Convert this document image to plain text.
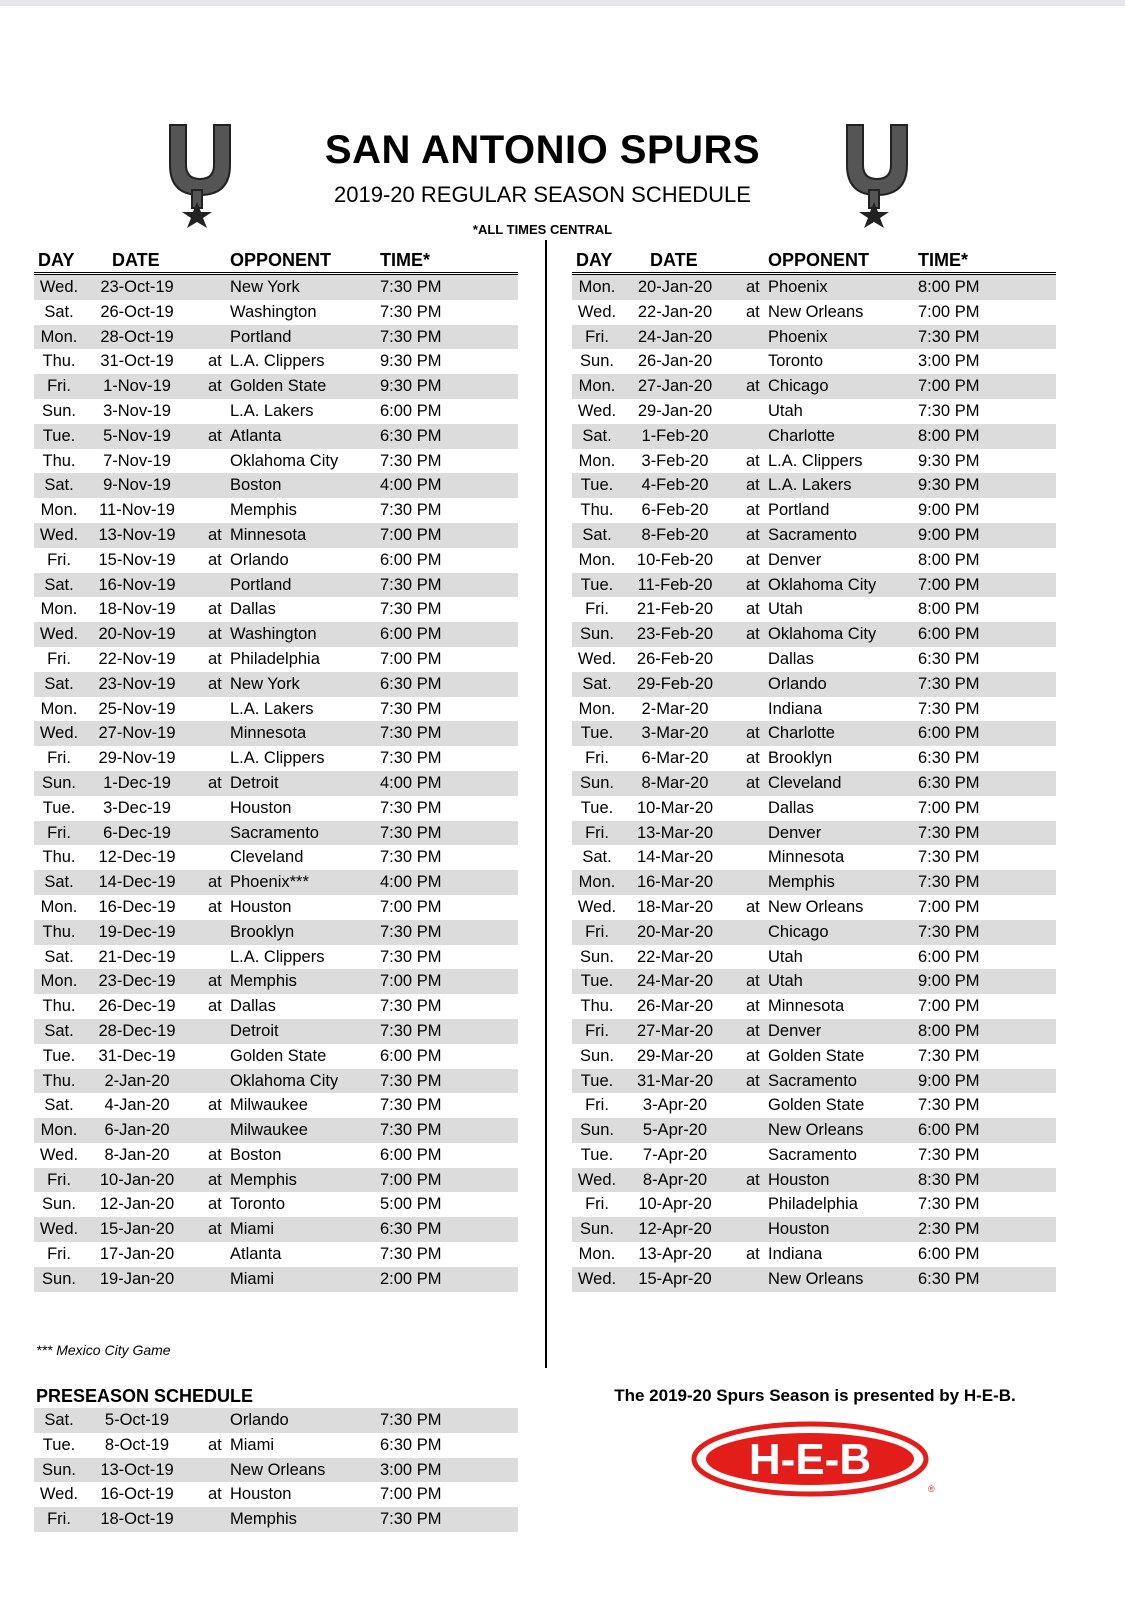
SAN ANTONIO SPURS
2019-20 REGULAR SEASON SCHEDULE
*ALL TIMES CENTRAL
DAY DATE	OPPONENT	TIME*
Wed.	23-Oct-19	New York	7:30 PM
Sat.	26-Oct-19	Washington	7:30 PM
Mon.	28-Oct-19	Portland	7:30 PM
Thu.	31-Oct-19	at L.A. Clippers	9:30 PM
Fri.	1-Nov-19	at Golden State	9:30 PM
Sun.	3-Nov-19	L.A. Lakers	6:00 PM
Tue.	5-Nov-19	at Atlanta	6:30 PM
Thu.	7-Nov-19	Oklahoma City	7:30 PM
Sat.	9-Nov-19	Boston	4:00 PM
Mon.	11-Nov-19	Memphis	7:30 PM
Wed.	13-Nov-19	at Minnesota	7:00 PM
Fri.	15-Nov-19	at Orlando	6:00 PM
Sat.	16-Nov-19	Portland	7:30 PM
Mon.	18-Nov-19	at Dallas	7:30 PM
Wed.	20-Nov-19	at Washington	6:00 PM
Fri.	22-Nov-19	at Philadelphia	7:00 PM
Sat.	23-Nov-19	at New York	6:30 PM
Mon.	25-Nov-19	L.A. Lakers	7:30 PM
Wed.	27-Nov-19	Minnesota	7:30 PM
Fri.	29-Nov-19	L.A. Clippers	7:30 PM
Sun.	1-Dec-19	at Detroit	4:00 PM
Tue.	3-Dec-19	Houston	7:30 PM
Fri.	6-Dec-19	Sacramento	7:30 PM
Thu.	12-Dec-19	Cleveland	7:30 PM
Sat.	14-Dec-19	at Phoenix***	4:00 PM
Mon.	16-Dec-19	at Houston	7:00 PM
Thu.	19-Dec-19	Brooklyn	7:30 PM
Sat.	21-Dec-19	L.A. Clippers	7:30 PM
Mon.	23-Dec-19	at Memphis	7:00 PM
Thu.	26-Dec-19	at Dallas	7:30 PM
Sat.	28-Dec-19	Detroit	7:30 PM
Tue.	31-Dec-19	Golden State	6:00 PM
Thu.	2-Jan-20	Oklahoma City	7:30 PM
Sat.	4-Jan-20	at Milwaukee	7:30 PM
Mon.	6-Jan-20	Milwaukee	7:30 PM
Wed.	8-Jan-20	at Boston	6:00 PM
Fri.	10-Jan-20	at Memphis	7:00 PM
Sun.	12-Jan-20	at Toronto	5:00 PM
Wed.	15-Jan-20	at Miami	6:30 PM
Fri.	17-Jan-20	Atlanta	7:30 PM
Sun.	19-Jan-20	Miami	2:00 PM
DAY DATE	OPPONENT	TIME*
Mon.	20-Jan-20	at Phoenix	8:00 PM
Wed.	22-Jan-20	at New Orleans	7:00 PM
Fri.	24-Jan-20	Phoenix	7:30 PM
Sun.	26-Jan-20	Toronto	3:00 PM
Mon.	27-Jan-20	at Chicago	7:00 PM
Wed.	29-Jan-20	Utah	7:30 PM
Sat.	1-Feb-20	Charlotte	8:00 PM
Mon.	3-Feb-20	at L.A. Clippers	9:30 PM
Tue.	4-Feb-20	at L.A. Lakers	9:30 PM
Thu.	6-Feb-20	at Portland	9:00 PM
Sat.	8-Feb-20	at Sacramento	9:00 PM
Mon.	10-Feb-20	at Denver	8:00 PM
Tue.	11-Feb-20	at Oklahoma City	7:00 PM
Fri.	21-Feb-20	at Utah	8:00 PM
Sun.	23-Feb-20	at Oklahoma City	6:00 PM
Wed.	26-Feb-20	Dallas	6:30 PM
Sat.	29-Feb-20	Orlando	7:30 PM
Mon.	2-Mar-20	Indiana	7:30 PM
Tue.	3-Mar-20	at Charlotte	6:00 PM
Fri.	6-Mar-20	at Brooklyn	6:30 PM
Sun.	8-Mar-20	at Cleveland	6:30 PM
Tue.	10-Mar-20	Dallas	7:00 PM
Fri.	13-Mar-20	Denver	7:30 PM
Sat.	14-Mar-20	Minnesota	7:30 PM
Mon.	16-Mar-20	Memphis	7:30 PM
Wed.	18-Mar-20	at New Orleans	7:00 PM
Fri.	20-Mar-20	Chicago	7:30 PM
Sun.	22-Mar-20	Utah	6:00 PM
Tue.	24-Mar-20	at Utah	9:00 PM
Thu.	26-Mar-20	at Minnesota	7:00 PM
Fri.	27-Mar-20	at Denver	8:00 PM
Sun.	29-Mar-20	at Golden State	7:30 PM
Tue.	31-Mar-20	at Sacramento	9:00 PM
Fri.	3-Apr-20	Golden State	7:30 PM
Sun.	5-Apr-20	New Orleans	6:00 PM
Tue.	7-Apr-20	Sacramento	7:30 PM
Wed.	8-Apr-20	at Houston	8:30 PM
Fri.	10-Apr-20	Philadelphia	7:30 PM
Sun.	12-Apr-20	Houston	2:30 PM
Mon.	13-Apr-20	at Indiana	6:00 PM
Wed.	15-Apr-20	New Orleans	6:30 PM
*** Mexico City Game
PRESEASON SCHEDULE
Sat.	5-Oct-19	Orlando	7:30 PM
Tue.	8-Oct-19	at Miami	6:30 PM
Sun.	13-Oct-19	New Orleans	3:00 PM
Wed.	16-Oct-19	at Houston	7:00 PM
Fri.	18-Oct-19	Memphis	7:30 PM
The 2019-20 Spurs Season is presented by H-E-B.
H-E-B
®
